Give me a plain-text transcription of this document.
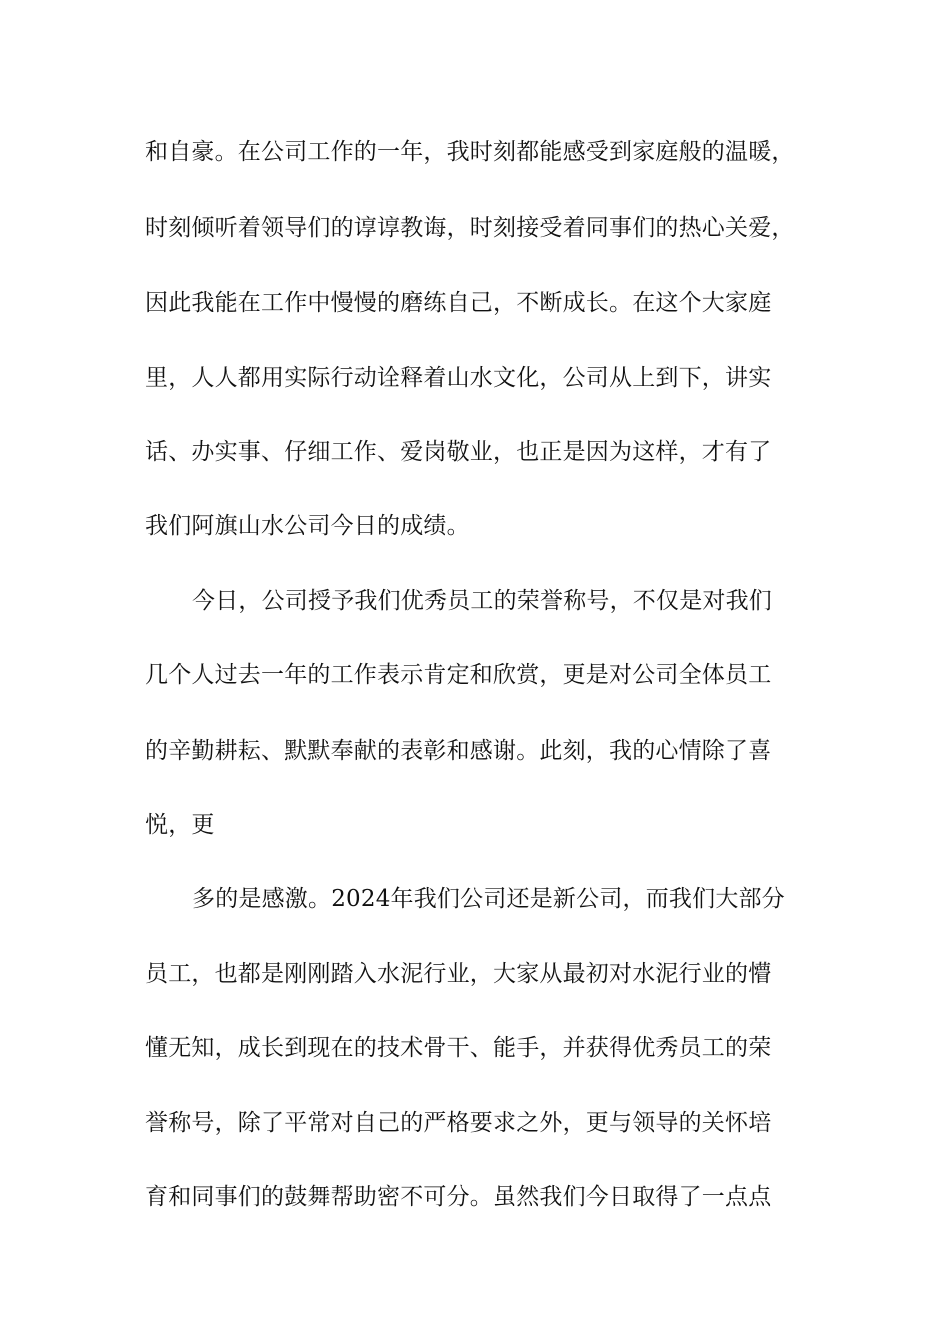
和自豪。在公司工作的一年，我时刻都能感受到家庭般的温暖，
时刻倾听着领导们的谆谆教诲，时刻接受着同事们的热心关爱，
因此我能在工作中慢慢的磨练自己，不断成长。在这个大家庭
里，人人都用实际行动诠释着山水文化，公司从上到下，讲实
话、办实事、仔细工作、爱岗敬业，也正是因为这样，才有了
我们阿旗山水公司今日的成绩。
今日，公司授予我们优秀员工的荣誉称号，不仅是对我们
几个人过去一年的工作表示肯定和欣赏，更是对公司全体员工
的辛勤耕耘、默默奉献的表彰和感谢。此刻，我的心情除了喜
悦，更
多的是感激。2024年我们公司还是新公司，而我们大部分
员工，也都是刚刚踏入水泥行业，大家从最初对水泥行业的懵
懂无知，成长到现在的技术骨干、能手，并获得优秀员工的荣
誉称号，除了平常对自己的严格要求之外，更与领导的关怀培
育和同事们的鼓舞帮助密不可分。虽然我们今日取得了一点点
